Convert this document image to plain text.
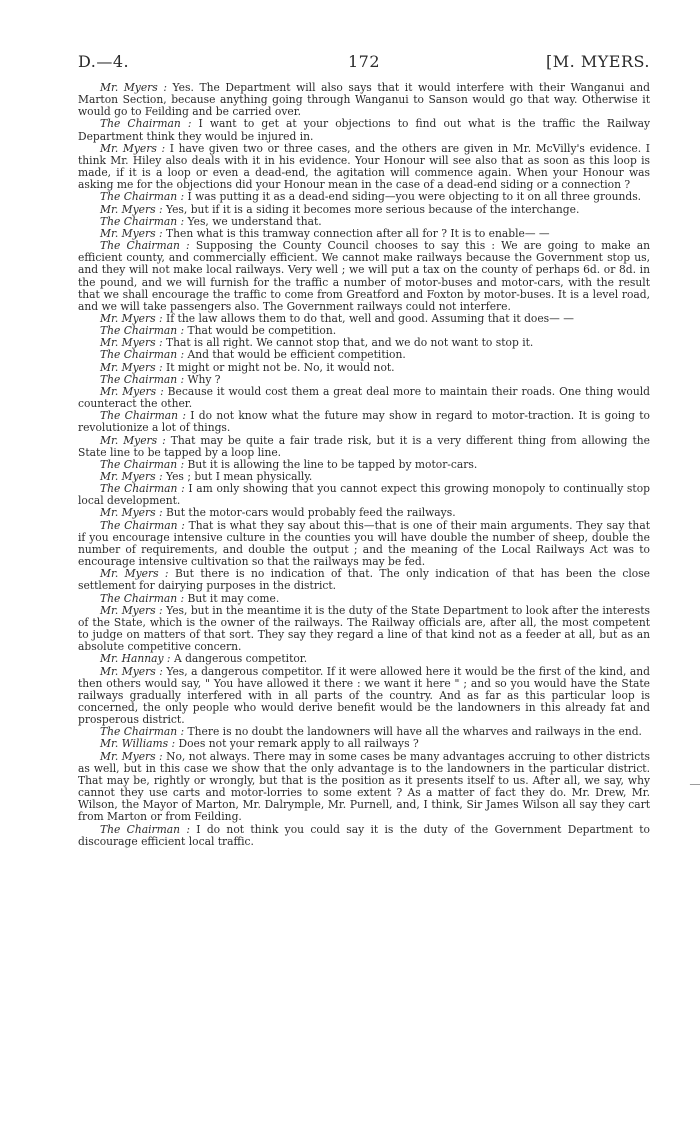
D.—4.	172	[M. MYERS.

Mr. Myers : Yes. The Department will also says that it would interfere with their Wanganui and Marton Section, because anything going through Wanganui to Sanson would go that way. Otherwise it would go to Feilding and be carried over.

The Chairman : I want to get at your objections to find out what is the traffic the Railway Department think they would be injured in.

Mr. Myers : I have given two or three cases, and the others are given in Mr. McVilly's evidence. I think Mr. Hiley also deals with it in his evidence. Your Honour will see also that as soon as this loop is made, if it is a loop or even a dead-end, the agitation will commence again. When your Honour was asking me for the objections did your Honour mean in the case of a dead-end siding or a connection ?

The Chairman : I was putting it as a dead-end siding—you were objecting to it on all three grounds.

Mr. Myers : Yes, but if it is a siding it becomes more serious because of the interchange.

The Chairman : Yes, we understand that.

Mr. Myers : Then what is this tramway connection after all for ? It is to enable— —

The Chairman : Supposing the County Council chooses to say this : We are going to make an efficient county, and commercially efficient. We cannot make railways because the Government stop us, and they will not make local railways. Very well ; we will put a tax on the county of perhaps 6d. or 8d. in the pound, and we will furnish for the traffic a number of motor-buses and motor-cars, with the result that we shall encourage the traffic to come from Greatford and Foxton by motor-buses. It is a level road, and we will take passengers also. The Government railways could not interfere.

Mr. Myers : If the law allows them to do that, well and good. Assuming that it does— —

The Chairman : That would be competition.

Mr. Myers : That is all right. We cannot stop that, and we do not want to stop it.

The Chairman : And that would be efficient competition.

Mr. Myers : It might or might not be. No, it would not.

The Chairman : Why ?

Mr. Myers : Because it would cost them a great deal more to maintain their roads. One thing would counteract the other.

The Chairman : I do not know what the future may show in regard to motor-traction. It is going to revolutionize a lot of things.

Mr. Myers : That may be quite a fair trade risk, but it is a very different thing from allowing the State line to be tapped by a loop line.

The Chairman : But it is allowing the line to be tapped by motor-cars.

Mr. Myers : Yes ; but I mean physically.

The Chairman : I am only showing that you cannot expect this growing monopoly to continually stop local development.

Mr. Myers : But the motor-cars would probably feed the railways.

The Chairman : That is what they say about this—that is one of their main arguments. They say that if you encourage intensive culture in the counties you will have double the number of sheep, double the number of requirements, and double the output ; and the meaning of the Local Railways Act was to encourage intensive cultivation so that the railways may be fed.

Mr. Myers : But there is no indication of that. The only indication of that has been the close settlement for dairying purposes in the district.

The Chairman : But it may come.

Mr. Myers : Yes, but in the meantime it is the duty of the State Department to look after the interests of the State, which is the owner of the railways. The Railway officials are, after all, the most competent to judge on matters of that sort. They say they regard a line of that kind not as a feeder at all, but as an absolute competitive concern.

Mr. Hannay : A dangerous competitor.

Mr. Myers : Yes, a dangerous competitor. If it were allowed here it would be the first of the kind, and then others would say, " You have allowed it there : we want it here " ; and so you would have the State railways gradually interfered with in all parts of the country. And as far as this particular loop is concerned, the only people who would derive benefit would be the landowners in this already fat and prosperous district.

The Chairman : There is no doubt the landowners will have all the wharves and railways in the end.

Mr. Williams : Does not your remark apply to all railways ?

Mr. Myers : No, not always. There may in some cases be many advantages accruing to other districts as well, but in this case we show that the only advantage is to the landowners in the particular district. That may be, rightly or wrongly, but that is the position as it presents itself to us. After all, we say, why cannot they use carts and motor-lorries to some extent ? As a matter of fact they do. Mr. Drew, Mr. Wilson, the Mayor of Marton, Mr. Dalrymple, Mr. Purnell, and, I think, Sir James Wilson all say they cart from Marton or from Feilding.

The Chairman : I do not think you could say it is the duty of the Government Department to discourage efficient local traffic.

—
